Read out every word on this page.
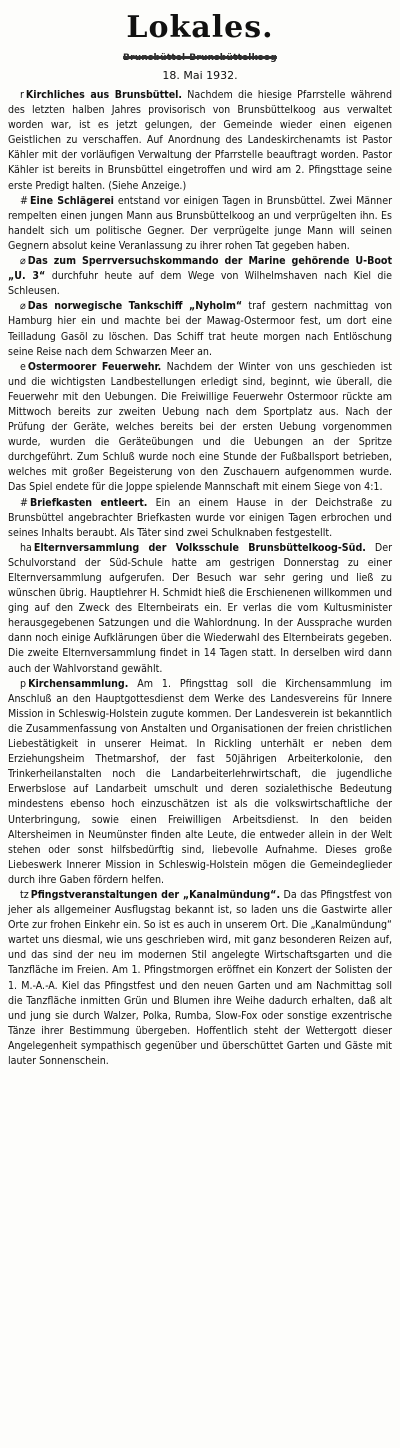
Lokales.
Brunsbüttel-Brunsbüttelkoog
18. Mai 1932.

r Kirchliches aus Brunsbüttel. Nachdem die hiesige Pfarrstelle während des letzten halben Jahres provisorisch von Brunsbüttelkoog aus verwaltet worden war, ist es jetzt gelungen, der Gemeinde wieder einen eigenen Geistlichen zu verschaffen. Auf Anordnung des Landeskirchenamts ist Pastor Kähler mit der vorläufigen Verwaltung der Pfarrstelle beauftragt worden. Pastor Kähler ist bereits in Brunsbüttel eingetroffen und wird am 2. Pfingsttage seine erste Predigt halten. (Siehe Anzeige.)

# Eine Schlägerei entstand vor einigen Tagen in Brunsbüttel. Zwei Männer rempelten einen jungen Mann aus Brunsbüttelkoog an und verprügelten ihn. Es handelt sich um politische Gegner. Der verprügelte junge Mann will seinen Gegnern absolut keine Veranlassung zu ihrer rohen Tat gegeben haben.

⌀ Das zum Sperrversuchskommando der Marine gehörende U-Boot „U. 3“ durchfuhr heute auf dem Wege von Wilhelmshaven nach Kiel die Schleusen.

⌀ Das norwegische Tankschiff „Nyholm“ traf gestern nachmittag von Hamburg hier ein und machte bei der Mawag-Ostermoor fest, um dort eine Teilladung Gasöl zu löschen. Das Schiff trat heute morgen nach Entlöschung seine Reise nach dem Schwarzen Meer an.

e Ostermoorer Feuerwehr. Nachdem der Winter von uns geschieden ist und die wichtigsten Landbestellungen erledigt sind, beginnt, wie überall, die Feuerwehr mit den Uebungen. Die Freiwillige Feuerwehr Ostermoor rückte am Mittwoch bereits zur zweiten Uebung nach dem Sportplatz aus. Nach der Prüfung der Geräte, welches bereits bei der ersten Uebung vorgenommen wurde, wurden die Geräteübungen und die Uebungen an der Spritze durchgeführt. Zum Schluß wurde noch eine Stunde der Fußballsport betrieben, welches mit großer Begeisterung von den Zuschauern aufgenommen wurde. Das Spiel endete für die Joppe spielende Mannschaft mit einem Siege von 4:1.

# Briefkasten entleert. Ein an einem Hause in der Deichstraße zu Brunsbüttel angebrachter Briefkasten wurde vor einigen Tagen erbrochen und seines Inhalts beraubt. Als Täter sind zwei Schulknaben festgestellt.

ha Elternversammlung der Volksschule Brunsbüttelkoog-Süd. Der Schulvorstand der Süd-Schule hatte am gestrigen Donnerstag zu einer Elternversammlung aufgerufen. Der Besuch war sehr gering und ließ zu wünschen übrig. Hauptlehrer H. Schmidt hieß die Erschienenen willkommen und ging auf den Zweck des Elternbeirats ein. Er verlas die vom Kultusminister herausgegebenen Satzungen und die Wahlordnung. In der Aussprache wurden dann noch einige Aufklärungen über die Wiederwahl des Elternbeirats gegeben. Die zweite Elternversammlung findet in 14 Tagen statt. In derselben wird dann auch der Wahlvorstand gewählt.

p Kirchensammlung. Am 1. Pfingsttag soll die Kirchensammlung im Anschluß an den Hauptgottesdienst dem Werke des Landesvereins für Innere Mission in Schleswig-Holstein zugute kommen. Der Landesverein ist bekanntlich die Zusammenfassung von Anstalten und Organisationen der freien christlichen Liebestätigkeit in unserer Heimat. In Rickling unterhält er neben dem Erziehungsheim Thetmarshof, der fast 50jährigen Arbeiterkolonie, den Trinkerheilanstalten noch die Landarbeiterlehrwirtschaft, die jugendliche Erwerbslose auf Landarbeit umschult und deren sozialethische Bedeutung mindestens ebenso hoch einzuschätzen ist als die volkswirtschaftliche der Unterbringung, sowie einen Freiwilligen Arbeitsdienst. In den beiden Altersheimen in Neumünster finden alte Leute, die entweder allein in der Welt stehen oder sonst hilfsbedürftig sind, liebevolle Aufnahme. Dieses große Liebeswerk Innerer Mission in Schleswig-Holstein mögen die Gemeindeglieder durch ihre Gaben fördern helfen.

tz Pfingstveranstaltungen der „Kanalmündung“. Da das Pfingstfest von jeher als allgemeiner Ausflugstag bekannt ist, so laden uns die Gastwirte aller Orte zur frohen Einkehr ein. So ist es auch in unserem Ort. Die „Kanalmündung“ wartet uns diesmal, wie uns geschrieben wird, mit ganz besonderen Reizen auf, und das sind der neu im modernen Stil angelegte Wirtschaftsgarten und die Tanzfläche im Freien. Am 1. Pfingstmorgen eröffnet ein Konzert der Solisten der 1. M.-A.-A. Kiel das Pfingstfest und den neuen Garten und am Nachmittag soll die Tanzfläche inmitten Grün und Blumen ihre Weihe dadurch erhalten, daß alt und jung sie durch Walzer, Polka, Rumba, Slow-Fox oder sonstige exzentrische Tänze ihrer Bestimmung übergeben. Hoffentlich steht der Wettergott dieser Angelegenheit sympathisch gegenüber und überschüttet Garten und Gäste mit lauter Sonnenschein.
